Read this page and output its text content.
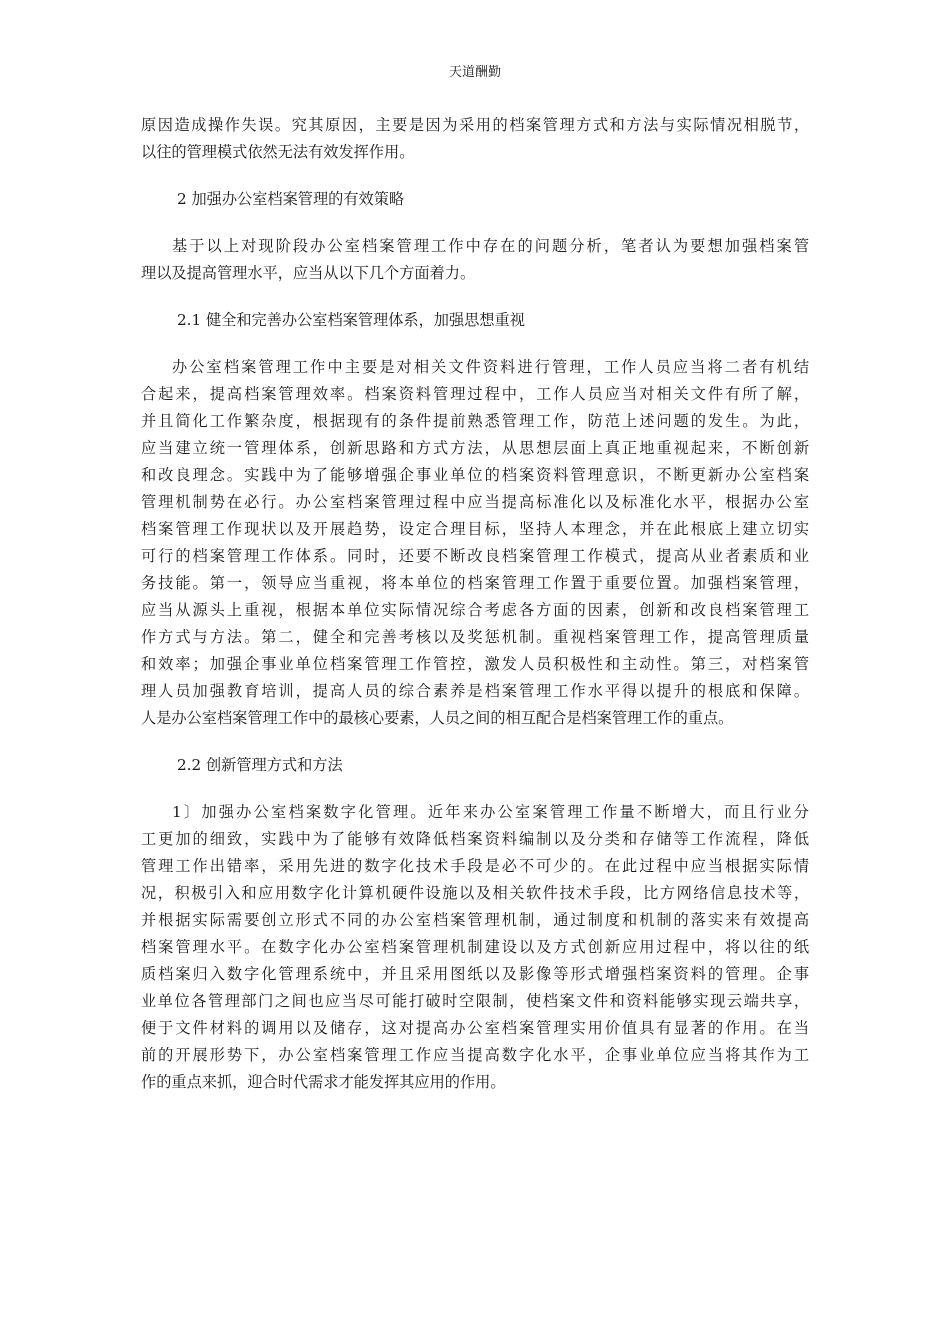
天道酬勤
原因造成操作失误。究其原因，主要是因为采用的档案管理方式和方法与实际情况相脱节，
以往的管理模式依然无法有效发挥作用。
2 加强办公室档案管理的有效策略
基于以上对现阶段办公室档案管理工作中存在的问题分析，笔者认为要想加强档案管
理以及提高管理水平，应当从以下几个方面着力。
2.1 健全和完善办公室档案管理体系，加强思想重视
办公室档案管理工作中主要是对相关文件资料进行管理，工作人员应当将二者有机结
合起来，提高档案管理效率。档案资料管理过程中，工作人员应当对相关文件有所了解，
并且简化工作繁杂度，根据现有的条件提前熟悉管理工作，防范上述问题的发生。为此，
应当建立统一管理体系，创新思路和方式方法，从思想层面上真正地重视起来，不断创新
和改良理念。实践中为了能够增强企事业单位的档案资料管理意识，不断更新办公室档案
管理机制势在必行。办公室档案管理过程中应当提高标准化以及标准化水平，根据办公室
档案管理工作现状以及开展趋势，设定合理目标，坚持人本理念，并在此根底上建立切实
可行的档案管理工作体系。同时，还要不断改良档案管理工作模式，提高从业者素质和业
务技能。第一，领导应当重视，将本单位的档案管理工作置于重要位置。加强档案管理，
应当从源头上重视，根据本单位实际情况综合考虑各方面的因素，创新和改良档案管理工
作方式与方法。第二，健全和完善考核以及奖惩机制。重视档案管理工作，提高管理质量
和效率；加强企事业单位档案管理工作管控，激发人员积极性和主动性。第三，对档案管
理人员加强教育培训，提高人员的综合素养是档案管理工作水平得以提升的根底和保障。
人是办公室档案管理工作中的最核心要素，人员之间的相互配合是档案管理工作的重点。
2.2 创新管理方式和方法
1〕加强办公室档案数字化管理。近年来办公室案管理工作量不断增大，而且行业分
工更加的细致，实践中为了能够有效降低档案资料编制以及分类和存储等工作流程，降低
管理工作出错率，采用先进的数字化技术手段是必不可少的。在此过程中应当根据实际情
况，积极引入和应用数字化计算机硬件设施以及相关软件技术手段，比方网络信息技术等，
并根据实际需要创立形式不同的办公室档案管理机制，通过制度和机制的落实来有效提高
档案管理水平。在数字化办公室档案管理机制建设以及方式创新应用过程中，将以往的纸
质档案归入数字化管理系统中，并且采用图纸以及影像等形式增强档案资料的管理。企事
业单位各管理部门之间也应当尽可能打破时空限制，使档案文件和资料能够实现云端共享，
便于文件材料的调用以及储存，这对提高办公室档案管理实用价值具有显著的作用。在当
前的开展形势下，办公室档案管理工作应当提高数字化水平，企事业单位应当将其作为工
作的重点来抓，迎合时代需求才能发挥其应用的作用。
